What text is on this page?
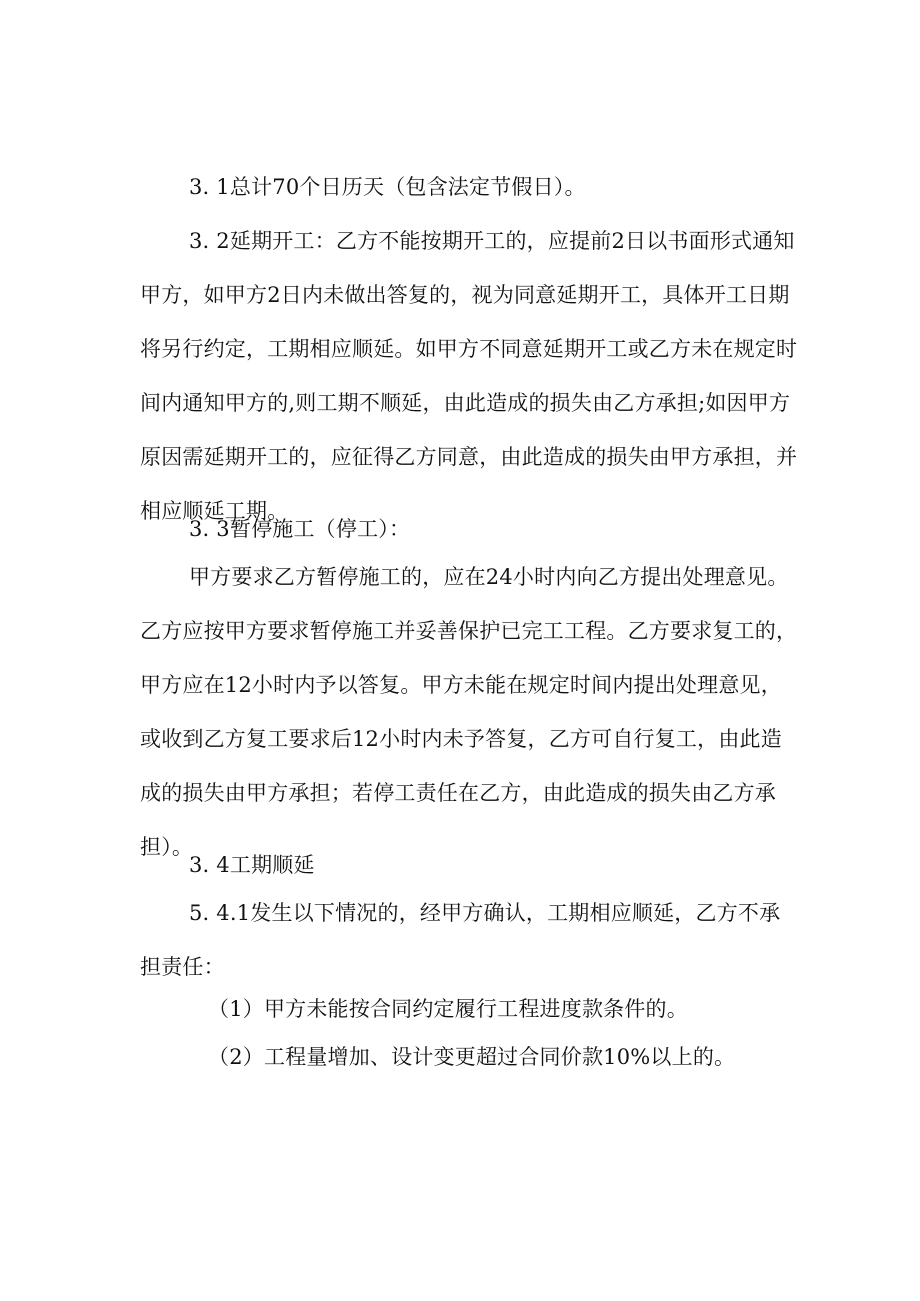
3. 1总计70个日历天（包含法定节假日）。

3. 2延期开工：乙方不能按期开工的，应提前2日以书面形式通知甲方，如甲方2日内未做出答复的，视为同意延期开工，具体开工日期将另行约定，工期相应顺延。如甲方不同意延期开工或乙方未在规定时间内通知甲方的,则工期不顺延，由此造成的损失由乙方承担;如因甲方原因需延期开工的，应征得乙方同意，由此造成的损失由甲方承担，并相应顺延工期。

3. 3暂停施工（停工）：

甲方要求乙方暂停施工的，应在24小时内向乙方提出处理意见。乙方应按甲方要求暂停施工并妥善保护已完工工程。乙方要求复工的，甲方应在12小时内予以答复。甲方未能在规定时间内提出处理意见，或收到乙方复工要求后12小时内未予答复，乙方可自行复工，由此造成的损失由甲方承担；若停工责任在乙方，由此造成的损失由乙方承担）。

3. 4工期顺延

5. 4.1发生以下情况的，经甲方确认，工期相应顺延，乙方不承担责任：

（1）甲方未能按合同约定履行工程进度款条件的。

（2）工程量增加、设计变更超过合同价款10%以上的。
